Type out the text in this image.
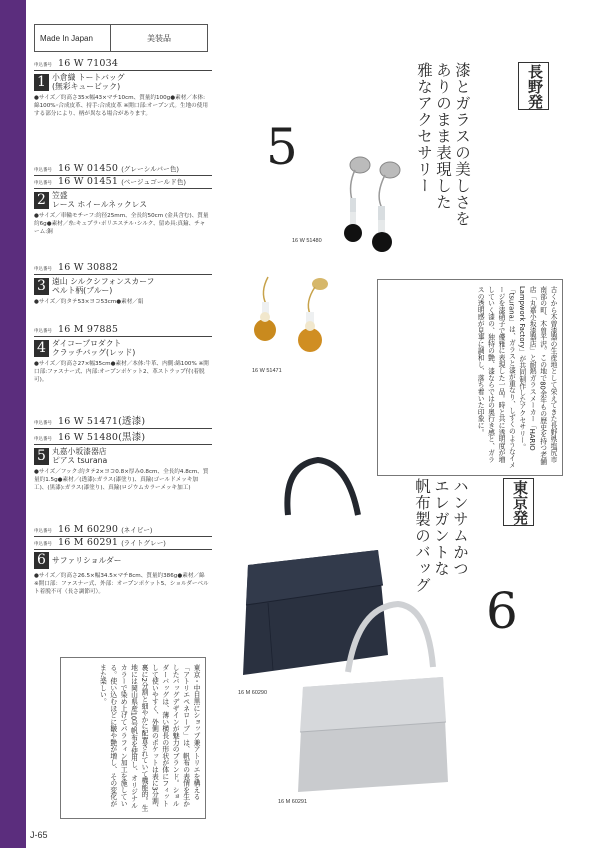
Made In Japan	美装品
申込番号 16 W 71034
1 小倉織 トートバッグ
(無彩キュービック)
●サイズ／約高さ35×幅43×マチ10cm、質量約100g●素材／本体:綿100%･合成皮革、持手:合成皮革 ※開口部:オープン式。生地の使用する部分により、柄が異なる場合があります。
申込番号 16 W 01450 (グレーシルバー色)
申込番号 16 W 01451 (ベージュゴールド色)
2 笠盛
レース ホイールネックレス
●サイズ／車輪モチーフ:約径25mm、全長約50cm (金具含む)、質量約6g●素材／糸:キュプラ･ポリエステル･シルク、留め具:真鍮、チャーム:銅
申込番号 16 W 30882
3 遠山 シルクシフォンスカーフ
ペルト柄(ブルー)
●サイズ／約タテ53×ヨコ53cm●素材／絹
申込番号 16 M 97885
4 ダイコープロダクト
クラッチバッグ(レッド)
●サイズ／約高さ27×幅35cm●素材／本体:牛革、内側:綿100% ※開口部:ファスナー式、内部:オープンポケット2、革ストラップ付(着脱可)。
申込番号 16 W 51471(透漆)
申込番号 16 W 51480(黒漆)
5 丸嘉小坂漆器店
ピアス tsurana
●サイズ／フック:約タテ2×ヨコ0.8×厚み0.8cm、全長約4.8cm、質量約1.5g●素材／(透漆):ガラス(漆塗り)、真鍮(ゴールドメッキ加工)、(黒漆):ガラス(漆塗り)、真鍮(ロジウムカラーメッキ加工)
申込番号 16 M 60290 (ネイビー)
申込番号 16 M 60291 (ライトグレー)
6 サファリショルダー
●サイズ／約高さ26.5×幅34.5×マチ8cm、質量約386g●素材／綿 ※開口部：ファスナー式、外部：オープンポケット5、ショルダーベルト着脱不可（長さ調節可）。
長野発
漆とガラスの美しさを
ありのまま表現した
雅なアクセサリー
5
16 W 51480
16 W 51471	古くから木曽漆器の生産地として栄えてきた長野県塩尻市南部の町、木曽平沢。この地で80余年もの歴史を持つ老舗店「丸嘉小坂漆器店」と耐熱ガラスメーカー「HARIO Lampwork Factory」が共同制作したアクセサリー。「tsurana」は、ガラスと漆が重なり、しずくのようなイメージを漆硝子で優雅に表現した一品。時と共に透明度が増していく漆の、独特の艶、漆ならではの奥行き感と、ガラスの透明感が見事に調和し、落ち着いた印象に。
東京発
ハンサムかつ
エレガントな
帆布製のバッグ
6
16 M 60290
16 M 60291
東京・中目黒にショップ兼アトリエを構える「アトリエペネローブ」は、帆布の表情を生かしたバッグデザインが魅力のブランド。ショルダーバッグは、薄い横長の形状が体にフィットして使いやすく、外側のポケットは表に3分割、裏に2分割と細やかに配置されていて機能的。生地には岡山県産10号帆布を使用し、オリジナルカラーで染め上げてパラフィン加工を施している。使い込むほどに皺や艶が増し、その変化がまた楽しい。
J-65
